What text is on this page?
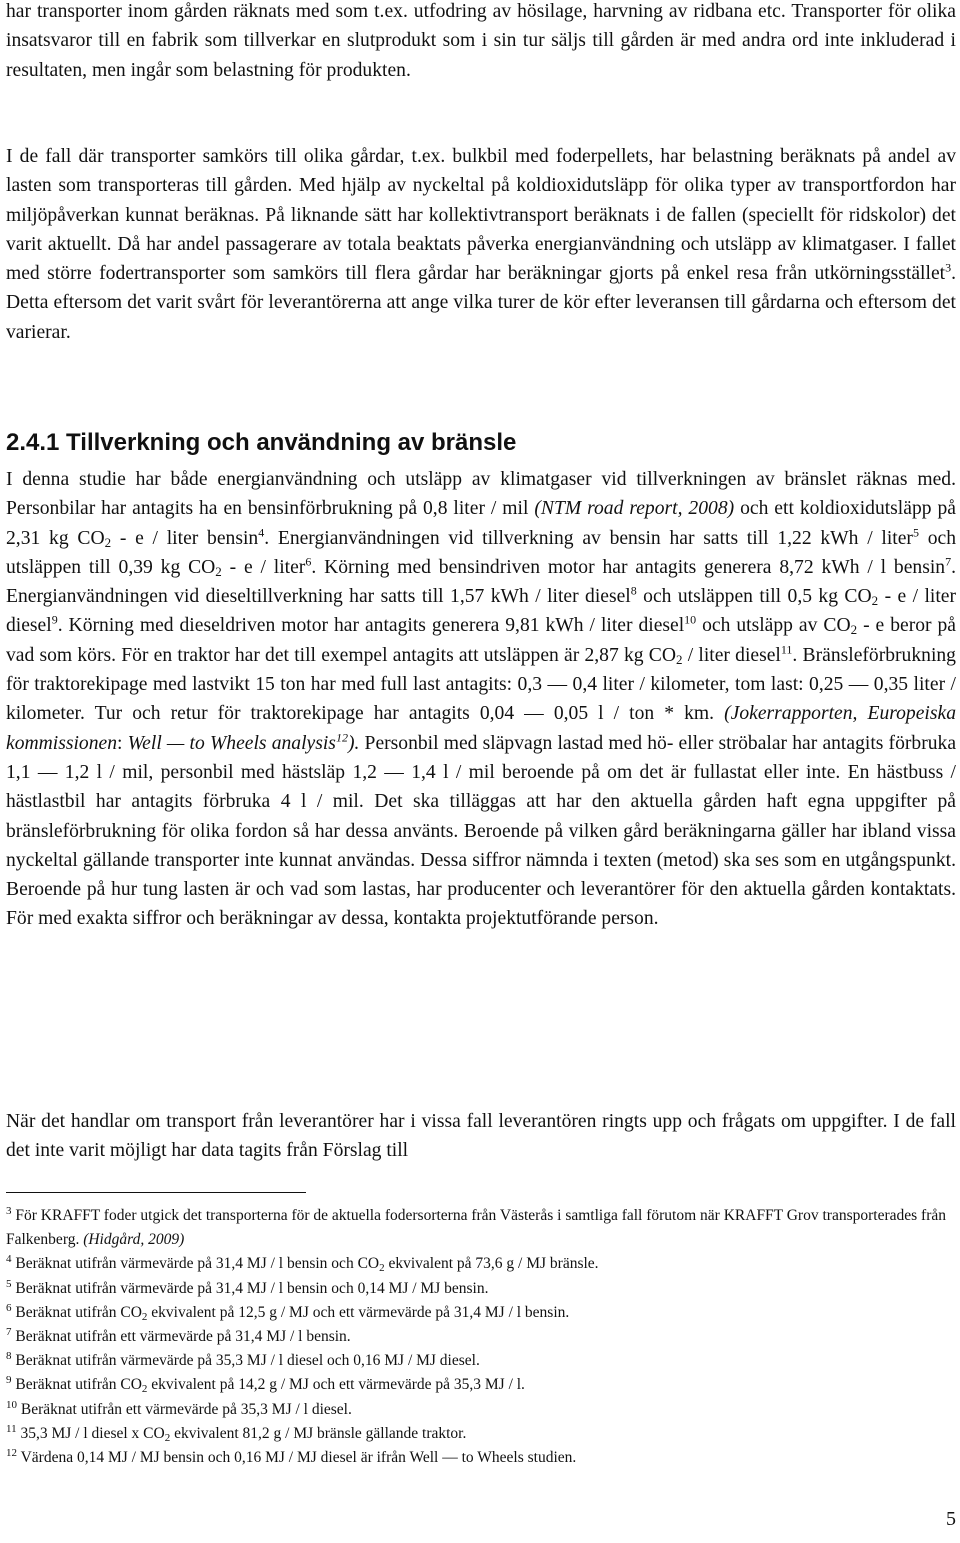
har transporter inom gården räknats med som t.ex. utfodring av hösilage, harvning av ridbana etc. Transporter för olika insatsvaror till en fabrik som tillverkar en slutprodukt som i sin tur säljs till gården är med andra ord inte inkluderad i resultaten, men ingår som belastning för produkten.

I de fall där transporter samkörs till olika gårdar, t.ex. bulkbil med foderpellets, har belastning beräknats på andel av lasten som transporteras till gården. Med hjälp av nyckeltal på koldioxidutsläpp för olika typer av transportfordon har miljöpåverkan kunnat beräknas. På liknande sätt har kollektivtransport beräknats i de fallen (speciellt för ridskolor) det varit aktuellt. Då har andel passagerare av totala beaktats påverka energianvändning och utsläpp av klimatgaser. I fallet med större fodertransporter som samkörs till flera gårdar har beräkningar gjorts på enkel resa från utkörningsstället$^3$. Detta eftersom det varit svårt för leverantörerna att ange vilka turer de kör efter leveransen till gårdarna och eftersom det varierar.

2.4.1 Tillverkning och användning av bränsle

I denna studie har både energianvändning och utsläpp av klimatgaser vid tillverkningen av bränslet räknas med. Personbilar har antagits ha en bensinförbrukning på 0,8 liter / mil (NTM road report, 2008) och ett koldioxidutsläpp på 2,31 kg $CO_2$ - e / liter bensin$^4$. Energianvändningen vid tillverkning av bensin har satts till 1,22 kWh / liter$^5$ och utsläppen till 0,39 kg $CO_2$ - e / liter$^6$. Körning med bensindriven motor har antagits generera 8,72 kWh / l bensin$^7$. Energianvändningen vid dieseltillverkning har satts till 1,57 kWh / liter diesel$^8$ och utsläppen till 0,5 kg $CO_2$ - e / liter diesel$^9$. Körning med dieseldriven motor har antagits generera 9,81 kWh / liter diesel$^{10}$ och utsläpp av $CO_2$ - e beror på vad som körs. För en traktor har det till exempel antagits att utsläppen är 2,87 kg $CO_2$ / liter diesel$^{11}$. Bränsleförbrukning för traktorekipage med lastvikt 15 ton har med full last antagits: 0,3 — 0,4 liter / kilometer, tom last: 0,25 — 0,35 liter / kilometer. Tur och retur för traktorekipage har antagits 0,04 — 0,05 l / ton * km. (Jokerrapporten, Europeiska kommissionen: Well — to Wheels analysis$^{12}$). Personbil med släpvagn lastad med hö- eller ströbalar har antagits förbruka 1,1 — 1,2 l / mil, personbil med hästsläp 1,2 — 1,4 l / mil beroende på om det är fullastat eller inte. En hästbuss / hästlastbil har antagits förbruka 4 l / mil. Det ska tilläggas att har den aktuella gården haft egna uppgifter på bränsleförbrukning för olika fordon så har dessa använts. Beroende på vilken gård beräkningarna gäller har ibland vissa nyckeltal gällande transporter inte kunnat användas. Dessa siffror nämnda i texten (metod) ska ses som en utgångspunkt. Beroende på hur tung lasten är och vad som lastas, har producenter och leverantörer för den aktuella gården kontaktats. För med exakta siffror och beräkningar av dessa, kontakta projektutförande person.

När det handlar om transport från leverantörer har i vissa fall leverantören ringts upp och frågats om uppgifter. I de fall det inte varit möjligt har data tagits från Förslag till

$^3$ För KRAFFT foder utgick det transporterna för de aktuella fodersorterna från Västerås i samtliga fall förutom när KRAFFT Grov transporterades från Falkenberg. (Hidgård, 2009)

$^4$ Beräknat utifrån värmevärde på 31,4 MJ / l bensin och $CO_2$ ekvivalent på 73,6 g / MJ bränsle.

$^5$ Beräknat utifrån värmevärde på 31,4 MJ / l bensin och 0,14 MJ / MJ bensin.

$^6$ Beräknat utifrån $CO_2$ ekvivalent på 12,5 g / MJ och ett värmevärde på 31,4 MJ / l bensin.

$^7$ Beräknat utifrån ett värmevärde på 31,4 MJ / l bensin.

$^8$ Beräknat utifrån värmevärde på 35,3 MJ / l diesel och 0,16 MJ / MJ diesel.

$^9$ Beräknat utifrån $CO_2$ ekvivalent på 14,2 g / MJ och ett värmevärde på 35,3 MJ / l.

$^{10}$ Beräknat utifrån ett värmevärde på 35,3 MJ / l diesel.

$^{11}$ 35,3 MJ / l diesel x $CO_2$ ekvivalent 81,2 g / MJ bränsle gällande traktor.

$^{12}$ Värdena 0,14 MJ / MJ bensin och 0,16 MJ / MJ diesel är ifrån Well — to Wheels studien.

5
